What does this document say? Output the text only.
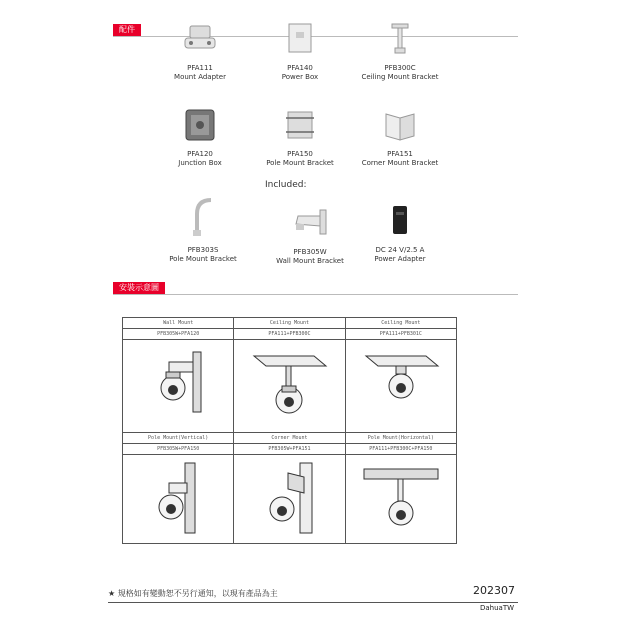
配件
PFA111
Mount Adapter
PFA140
Power Box
PFB300C
Ceiling Mount Bracket
PFA120
Junction Box
PFA150
Pole Mount Bracket
PFA151
Corner Mount Bracket
Included:
PFB303S
Pole Mount Bracket
PFB305W
Wall Mount Bracket
DC 24 V/2.5 A
Power Adapter
安裝示意圖
Wall Mount	Ceiling Mount	Ceiling Mount
PFB305W+PFA120	PFA111+PFB300C	PFA111+PFB301C

Pole Mount(Vertical)	Corner Mount	Pole Mount(Horizontal)
PFB305W+PFA150	PFB305W+PFA151	PFA111+PFB300C+PFA150

★ 規格如有變動恕不另行通知，以現有產品為主	202307
DahuaTW
